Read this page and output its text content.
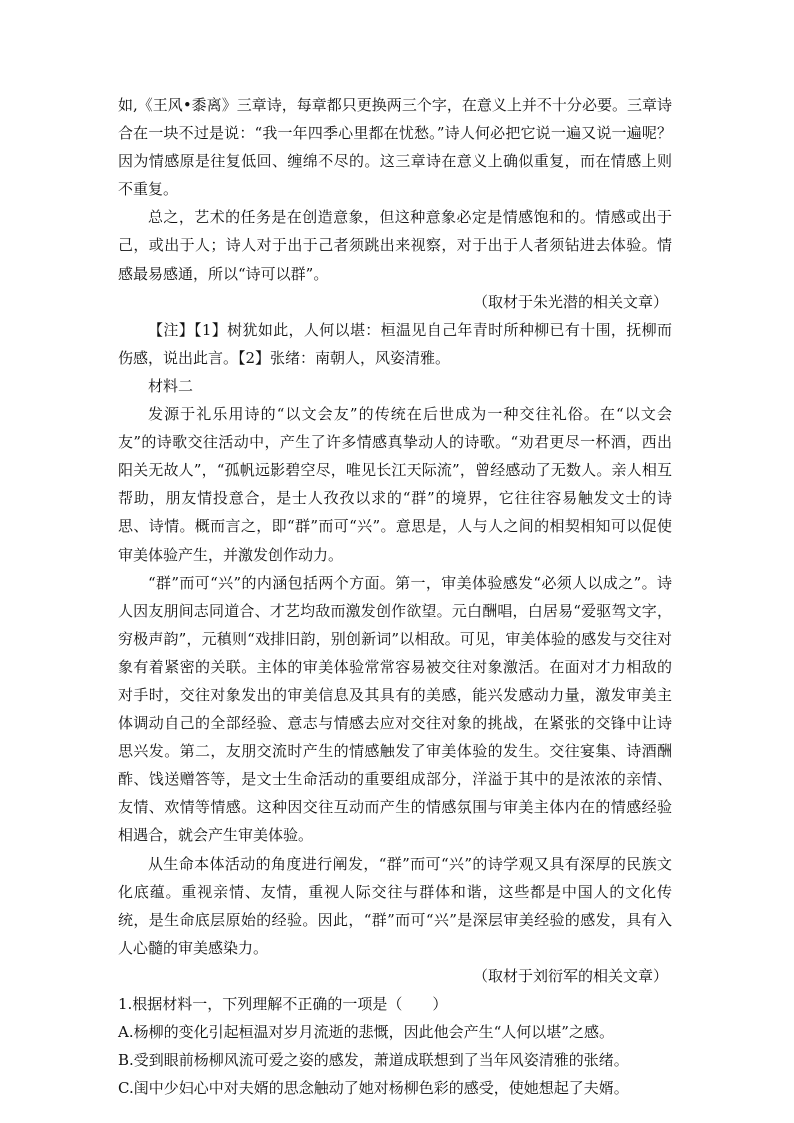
如,《王风•黍离》三章诗，每章都只更换两三个字，在意义上并不十分必要。三章诗合在一块不过是说：“我一年四季心里都在忧愁。”诗人何必把它说一遍又说一遍呢？因为情感原是往复低回、缠绵不尽的。这三章诗在意义上确似重复，而在情感上则不重复。

总之，艺术的任务是在创造意象，但这种意象必定是情感饱和的。情感或出于己，或出于人；诗人对于出于己者须跳出来视察，对于出于人者须钻进去体验。情感最易感通，所以“诗可以群”。

（取材于朱光潜的相关文章）

【注】【1】树犹如此，人何以堪：桓温见自己年青时所种柳已有十围，抚柳而伤感，说出此言。【2】张绪：南朝人，风姿清雅。

材料二

发源于礼乐用诗的“以文会友”的传统在后世成为一种交往礼俗。在“以文会友”的诗歌交往活动中，产生了许多情感真挚动人的诗歌。“劝君更尽一杯酒，西出阳关无故人”，“孤帆远影碧空尽，唯见长江天际流”，曾经感动了无数人。亲人相互帮助，朋友情投意合，是士人孜孜以求的“群”的境界，它往往容易触发文士的诗思、诗情。概而言之，即“群”而可“兴”。意思是，人与人之间的相契相知可以促使审美体验产生，并激发创作动力。

“群”而可“兴”的内涵包括两个方面。第一，审美体验感发“必须人以成之”。诗人因友朋间志同道合、才艺均敌而激发创作欲望。元白酬唱，白居易“爱驱驾文字，穷极声韵”，元稹则“戏排旧韵，别创新词”以相敌。可见，审美体验的感发与交往对象有着紧密的关联。主体的审美体验常常容易被交往对象激活。在面对才力相敌的对手时，交往对象发出的审美信息及其具有的美感，能兴发感动力量，激发审美主体调动自己的全部经验、意志与情感去应对交往对象的挑战，在紧张的交锋中让诗思兴发。第二，友朋交流时产生的情感触发了审美体验的发生。交往宴集、诗酒酬酢、饯送赠答等，是文士生命活动的重要组成部分，洋溢于其中的是浓浓的亲情、友情、欢情等情感。这种因交往互动而产生的情感氛围与审美主体内在的情感经验相遇合，就会产生审美体验。

从生命本体活动的角度进行阐发，“群”而可“兴”的诗学观又具有深厚的民族文化底蕴。重视亲情、友情，重视人际交往与群体和谐，这些都是中国人的文化传统，是生命底层原始的经验。因此，“群”而可“兴”是深层审美经验的感发，具有入人心髓的审美感染力。

（取材于刘衍军的相关文章）

1.根据材料一，下列理解不正确的一项是（　　）

A.杨柳的变化引起桓温对岁月流逝的悲慨，因此他会产生“人何以堪”之感。

B.受到眼前杨柳风流可爱之姿的感发，萧道成联想到了当年风姿清雅的张绪。

C.闺中少妇心中对夫婿的思念触动了她对杨柳色彩的感受，使她想起了夫婿。
